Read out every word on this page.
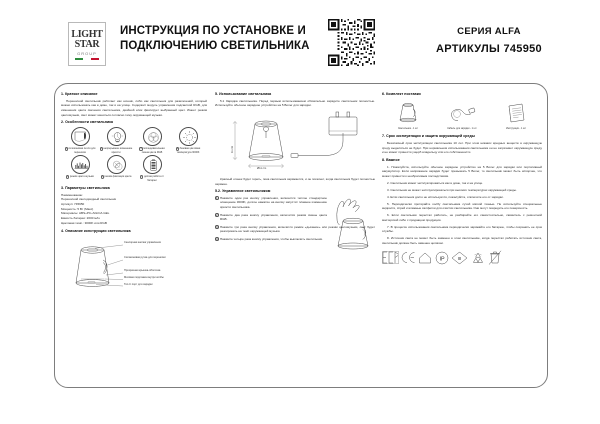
LIGHT
STAR
GROUP
ИНСТРУКЦИЯ ПО УСТАНОВКЕ И ПОДКЛЮЧЕНИЮ СВЕТИЛЬНИКА
СЕРИЯ ALFA
АРТИКУЛЫ 745950
1. Краткое описание
Переносной светильник работает как ночник, либо как светильник для развлечений, который можно использовать как в доме, так и на улице. Содержит модуль управления подсветкой RGB, для изменения цвета свечения светильника, двойной клик фиксирует выбранный цвет. Имеет режим цветомузыки, свет может меняться согласно тему окружающей музыки.
2. Особенности светильника
1 силиконовая петля для переноски
2 непрерывное изменение яркости
3 последовательная смена цвета RGB
4 базовая цветовая температура 3000K
5 режим цвето-музыки	6 режим фиксации цвета	7 долгая работа от батареи
3. Параметры светильника
Наименование:
Переносной светодиодный светильник
Артикул: 745950
Мощность: 5 Вт (Макс)
Материалы: ABS+PC+SILICA GEL
Емкость батареи: 2000 мАч
Цветовая темп.: 3000K или RGB
4. Описание конструкции светильника
Сенсорная кнопка управления
Силиконовая ручка для переноски
Прозрачная крышка-оболочка
Матовая подложка внутри колбы
Тип-С порт для зарядки
5. Использование светильника
5.1 Зарядка светильника. Перед первым использованием обязательно зарядите светильник полностью. Используйте обычное зарядное устройство на 5 Вольт для зарядки.
11 cm
Ø11 cm
Красный огонек будет гореть, пока светильник заряжается, и он погаснет, когда светильник будет полностью заряжен.
5.2. Управление светильником
1 Нажмите один раз кнопку управления, включится теплое стандартное освещение 3000K, долгое нажатие на кнопку запустит плавное изменение яркости светильника.
2 Нажмите два раза кнопку управления, включится режим смены цвета RGB.
3 Нажмите три раза кнопку управления, включится режим «дыхание» или режим цветомузыки, свет будет реагировать на темп окружающей музыки.
4 Нажмите четыре раза кнопку управления, чтобы выключить светильник.
6. Комплект поставки
Светильник - 1 шт	Кабель для зарядки - 1 шт	Инструкция - 1 шт
7. Срок эксплуатации и защита окружающей среды
Безопасный срок эксплуатации светильника 10 лет. При этом никаких вредных веществ в окружающую среду выделяться не будет. При нормальном использовании светильника он не загрязняет окружающую среду и не может принести ущерб владельцу или его собственности.
8. Важное
1. Пожалуйста, используйте обычное зарядное устройство на 5 Вольт для зарядки или портативный аккумулятор. Если напряжение зарядки будет превышать 5 Вольт, то светильник может быть испорчен, что может привести к необратимым последствиям.
2. Светильник может эксплуатироваться как в доме, так и на улице.
3. Светильник не может эксплуатироваться при высоких температурах окружающей среды.
4. Если светильник долго не используется, пожалуйста, отключите его от зарядки.
5. Периодически протирайте колбу светильника сухой мягкой тканью. Не используйте специальные жидкости, спрей и влажные салфетки для очистки светильника. Они могут повредить его поверхность.
6. Если светильник перестал работать, не разбирайте его самостоятельно, свяжитесь с ремонтной мастерской либо с продавцом продукции.
7. В процессе использования светильника периодически заряжайте его батарею, чтобы сохранить ее срок службы.
8. Источник света не может быть заменен в этом светильнике, когда перестал работать источник света, светильник должен быть заменен целиком.
IP	III
